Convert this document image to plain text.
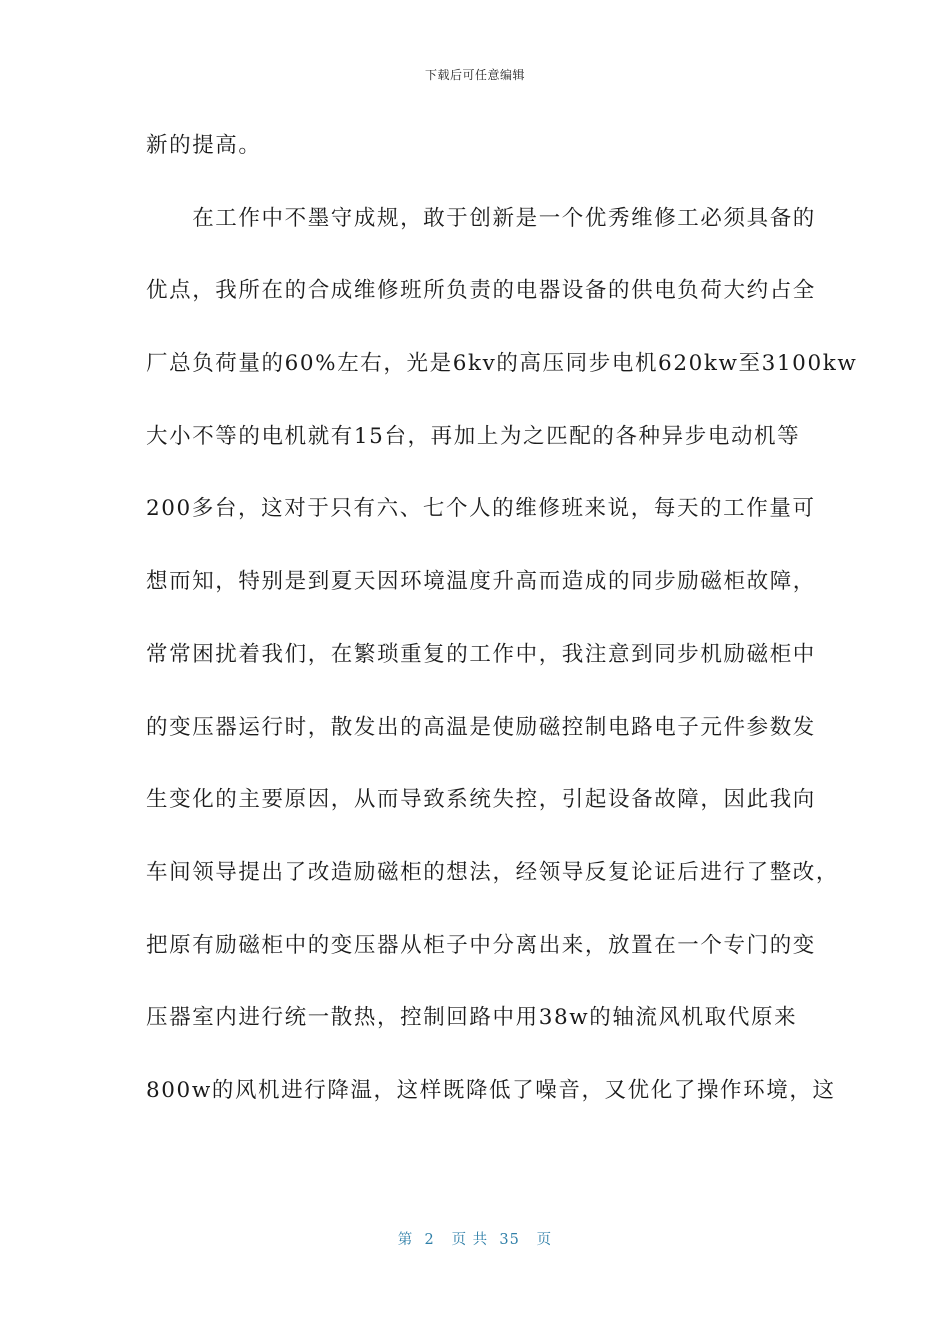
下载后可任意编辑
新的提高。
　　在工作中不墨守成规，敢于创新是一个优秀维修工必须具备的
优点，我所在的合成维修班所负责的电器设备的供电负荷大约占全
厂总负荷量的60%左右，光是6kv的高压同步电机620kw至3100kw
大小不等的电机就有15台，再加上为之匹配的各种异步电动机等
200多台，这对于只有六、七个人的维修班来说，每天的工作量可
想而知，特别是到夏天因环境温度升高而造成的同步励磁柜故障，
常常困扰着我们，在繁琐重复的工作中，我注意到同步机励磁柜中
的变压器运行时，散发出的高温是使励磁控制电路电子元件参数发
生变化的主要原因，从而导致系统失控，引起设备故障，因此我向
车间领导提出了改造励磁柜的想法，经领导反复论证后进行了整改，
把原有励磁柜中的变压器从柜子中分离出来，放置在一个专门的变
压器室内进行统一散热，控制回路中用38w的轴流风机取代原来
800w的风机进行降温，这样既降低了噪音，又优化了操作环境，这
第  2   页 共  35   页
